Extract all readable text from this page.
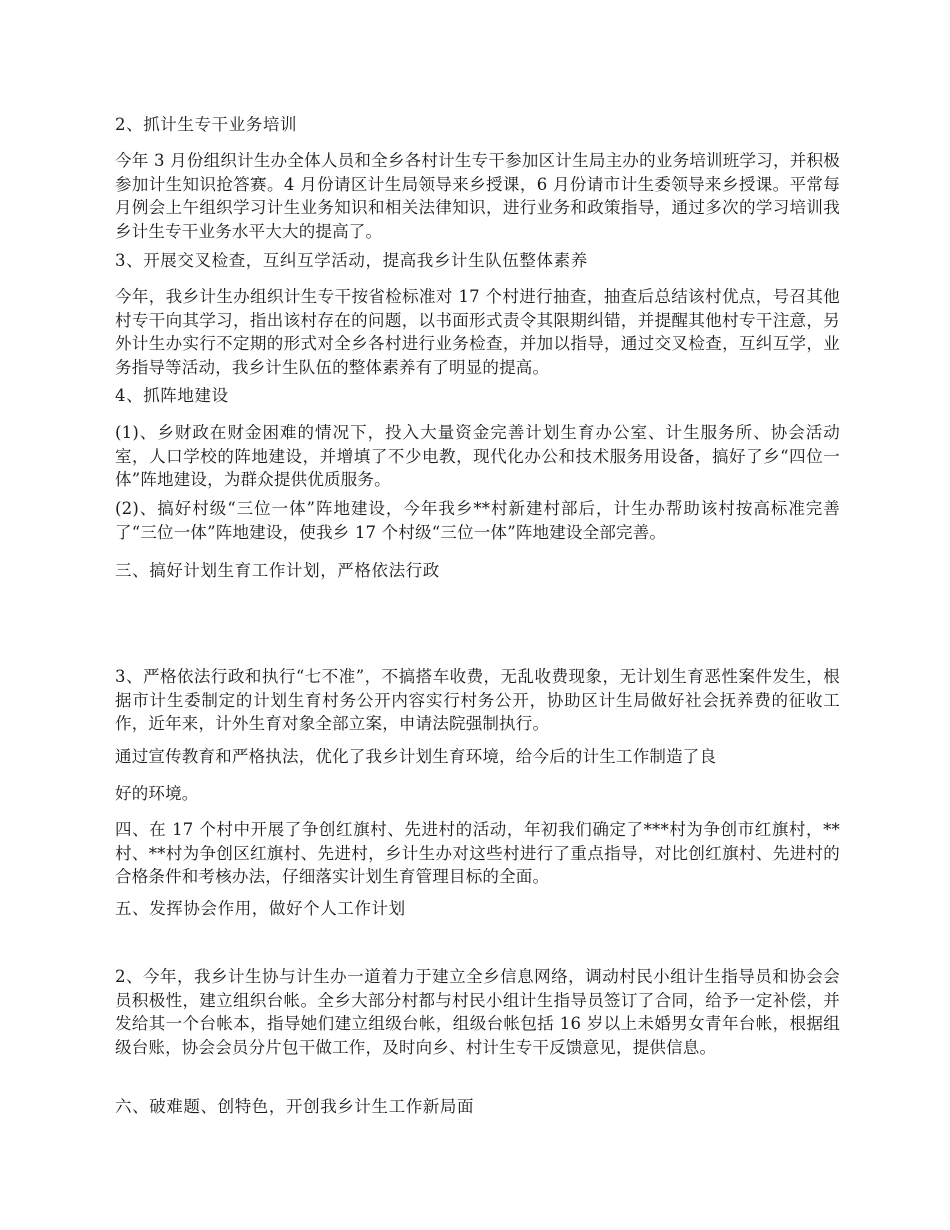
2、抓计生专干业务培训

今年 3 月份组织计生办全体人员和全乡各村计生专干参加区计生局主办的业务培训班学习，并积极参加计生知识抢答赛。4 月份请区计生局领导来乡授课，6 月份请市计生委领导来乡授课。平常每月例会上午组织学习计生业务知识和相关法律知识，进行业务和政策指导，通过多次的学习培训我乡计生专干业务水平大大的提高了。

3、开展交叉检查，互纠互学活动，提高我乡计生队伍整体素养

今年，我乡计生办组织计生专干按省检标准对 17 个村进行抽查，抽查后总结该村优点，号召其他村专干向其学习，指出该村存在的问题，以书面形式责令其限期纠错，并提醒其他村专干注意，另外计生办实行不定期的形式对全乡各村进行业务检查，并加以指导，通过交叉检查，互纠互学，业务指导等活动，我乡计生队伍的整体素养有了明显的提高。

4、抓阵地建设

(1)、乡财政在财金困难的情况下，投入大量资金完善计划生育办公室、计生服务所、协会活动室，人口学校的阵地建设，并增填了不少电教，现代化办公和技术服务用设备，搞好了乡“四位一体”阵地建设，为群众提供优质服务。

(2)、搞好村级“三位一体”阵地建设，今年我乡**村新建村部后，计生办帮助该村按高标准完善了“三位一体”阵地建设，使我乡 17 个村级“三位一体”阵地建设全部完善。

三、搞好计划生育工作计划，严格依法行政

3、严格依法行政和执行“七不准”，不搞搭车收费，无乱收费现象，无计划生育恶性案件发生，根据市计生委制定的计划生育村务公开内容实行村务公开，协助区计生局做好社会抚养费的征收工作，近年来，计外生育对象全部立案，申请法院强制执行。

通过宣传教育和严格执法，优化了我乡计划生育环境，给今后的计生工作制造了良

好的环境。

四、在 17 个村中开展了争创红旗村、先进村的活动，年初我们确定了***村为争创市红旗村，**村、**村为争创区红旗村、先进村，乡计生办对这些村进行了重点指导，对比创红旗村、先进村的合格条件和考核办法，仔细落实计划生育管理目标的全面。

五、发挥协会作用，做好个人工作计划

2、今年，我乡计生协与计生办一道着力于建立全乡信息网络，调动村民小组计生指导员和协会会员积极性，建立组织台帐。全乡大部分村都与村民小组计生指导员签订了合同，给予一定补偿，并发给其一个台帐本，指导她们建立组级台帐，组级台帐包括 16 岁以上未婚男女青年台帐，根据组级台账，协会会员分片包干做工作，及时向乡、村计生专干反馈意见，提供信息。

六、破难题、创特色，开创我乡计生工作新局面
